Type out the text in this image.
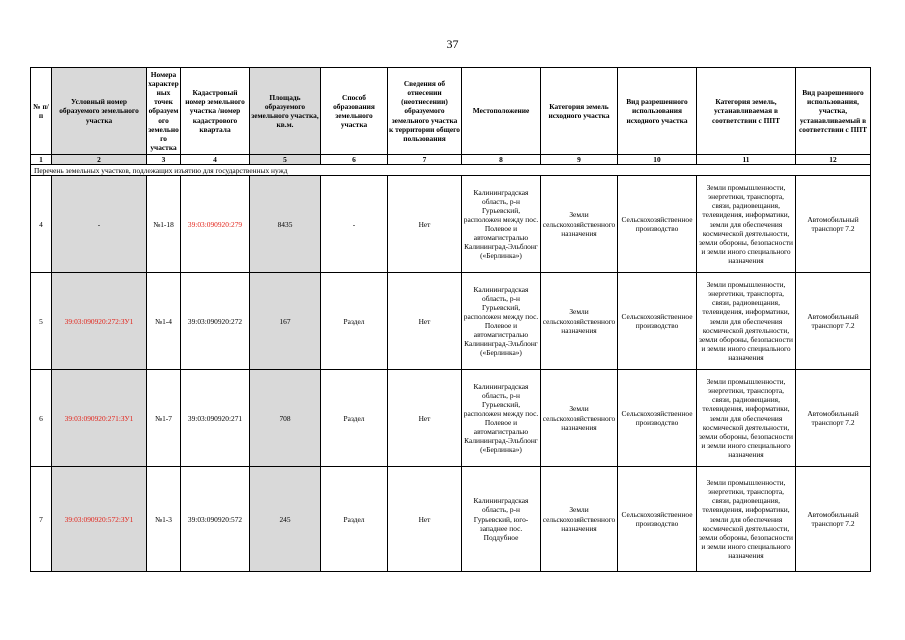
37
№ п/п	Условный номер образуемого земельного участка	Номера характерных точек образуемого земельного участка	Кадастровый номер земельного участка /номер кадастрового квартала	Площадь образуемого земельного участка, кв.м.	Способ образования земельного участка	Сведения об отнесении (неотнесении) образуемого земельного участка к территории общего пользования	Местоположение	Категория земель исходного участка	Вид разрешенного использования исходного участка	Категория земель, устанавливаемая в соответствии с ППТ	Вид разрешенного использования, участка, устанавливаемый в соответствии с ППТ
1	2	3	4	5	6	7	8	9	10	11	12
Перечень земельных участков, подлежащих изъятию для государственных нужд											
4	-	№1-18	39:03:090920:279	8435	-	Нет	Калининградская область, р-н Гурьевский, расположен между пос. Полевое и автомагистралью Калининград-Эльблонг («Берлинка»)	Земли сельскохозяйственного назначения	Сельскохозяйственное производство	Земли промышленности, энергетики, транспорта, связи, радиовещания, телевидения, информатики, земли для обеспечения космической деятельности, земли обороны, безопасности и земли иного специального назначения	Автомобильный транспорт 7.2
5	39:03:090920:272:ЗУ1	№1-4	39:03:090920:272	167	Раздел	Нет	Калининградская область, р-н Гурьевский, расположен между пос. Полевое и автомагистралью Калининград-Эльблонг («Берлинка»)	Земли сельскохозяйственного назначения	Сельскохозяйственное производство	Земли промышленности, энергетики, транспорта, связи, радиовещания, телевидения, информатики, земли для обеспечения космической деятельности, земли обороны, безопасности и земли иного специального назначения	Автомобильный транспорт 7.2
6	39:03:090920:271:ЗУ1	№1-7	39:03:090920:271	708	Раздел	Нет	Калининградская область, р-н Гурьевский, расположен между пос. Полевое и автомагистралью Калининград-Эльблонг («Берлинка»)	Земли сельскохозяйственного назначения	Сельскохозяйственное производство	Земли промышленности, энергетики, транспорта, связи, радиовещания, телевидения, информатики, земли для обеспечения космической деятельности, земли обороны, безопасности и земли иного специального назначения	Автомобильный транспорт 7.2
7	39:03:090920:572:ЗУ1	№1-3	39:03:090920:572	245	Раздел	Нет	Калининградская область, р-н Гурьевский, юго-западнее пос. Поддубное	Земли сельскохозяйственного назначения	Сельскохозяйственное производство	Земли промышленности, энергетики, транспорта, связи, радиовещания, телевидения, информатики, земли для обеспечения космической деятельности, земли обороны, безопасности и земли иного специального назначения	Автомобильный транспорт 7.2
